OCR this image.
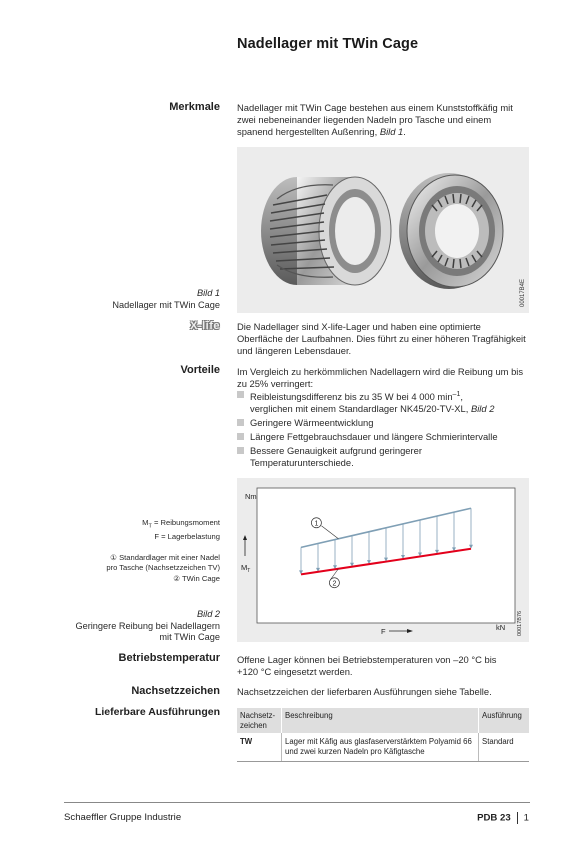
Nadellager mit TWin Cage
Merkmale Nadellager mit TWin Cage bestehen aus einem Kunststoffkäfig mit zwei nebeneinander liegenden Nadeln pro Tasche und einem spanend hergestellten Außenring, Bild 1.
00017B4E
Bild 1
Nadellager mit TWin Cage
X-life Die Nadellager sind X-life-Lager und haben eine optimierte Oberfläche der Laufbahnen. Dies führt zu einer höheren Tragfähigkeit und längeren Lebensdauer.
Vorteile Im Vergleich zu herkömmlichen Nadellagern wird die Reibung um bis zu 25% verringert:
Reibleistungsdifferenz bis zu 35 W bei 4 000 $\min^{-1}$,
verglichen mit einem Standardlager NK45/20-TV-XL, Bild 2
Geringere Wärmeentwicklung
Längere Fettgebrauchsdauer und längere Schmierintervalle
Bessere Genauigkeit aufgrund geringerer Temperaturunterschiede.
Nm
$M_T$
F	kN
1
2
00017B76
$M_T$ = Reibungsmoment
F = Lagerbelastung
① Standardlager mit einer Nadel
pro Tasche (Nachsetzzeichen TV)
② TWin Cage
Bild 2
Geringere Reibung bei Nadellagern
mit TWin Cage
Betriebstemperatur Offene Lager können bei Betriebstemperaturen von –20 °C bis +120 °C eingesetzt werden.
Nachsetzzeichen Nachsetzzeichen der lieferbaren Ausführungen siehe Tabelle.
Lieferbare Ausführungen	Nachsetz-
zeichen	Beschreibung	Ausführung
TW	Lager mit Käfig aus glasfaserverstärktem Polyamid 66 und zwei kurzen Nadeln pro Käfigtasche	Standard
Schaeffler Gruppe Industrie	PDB 23 1
